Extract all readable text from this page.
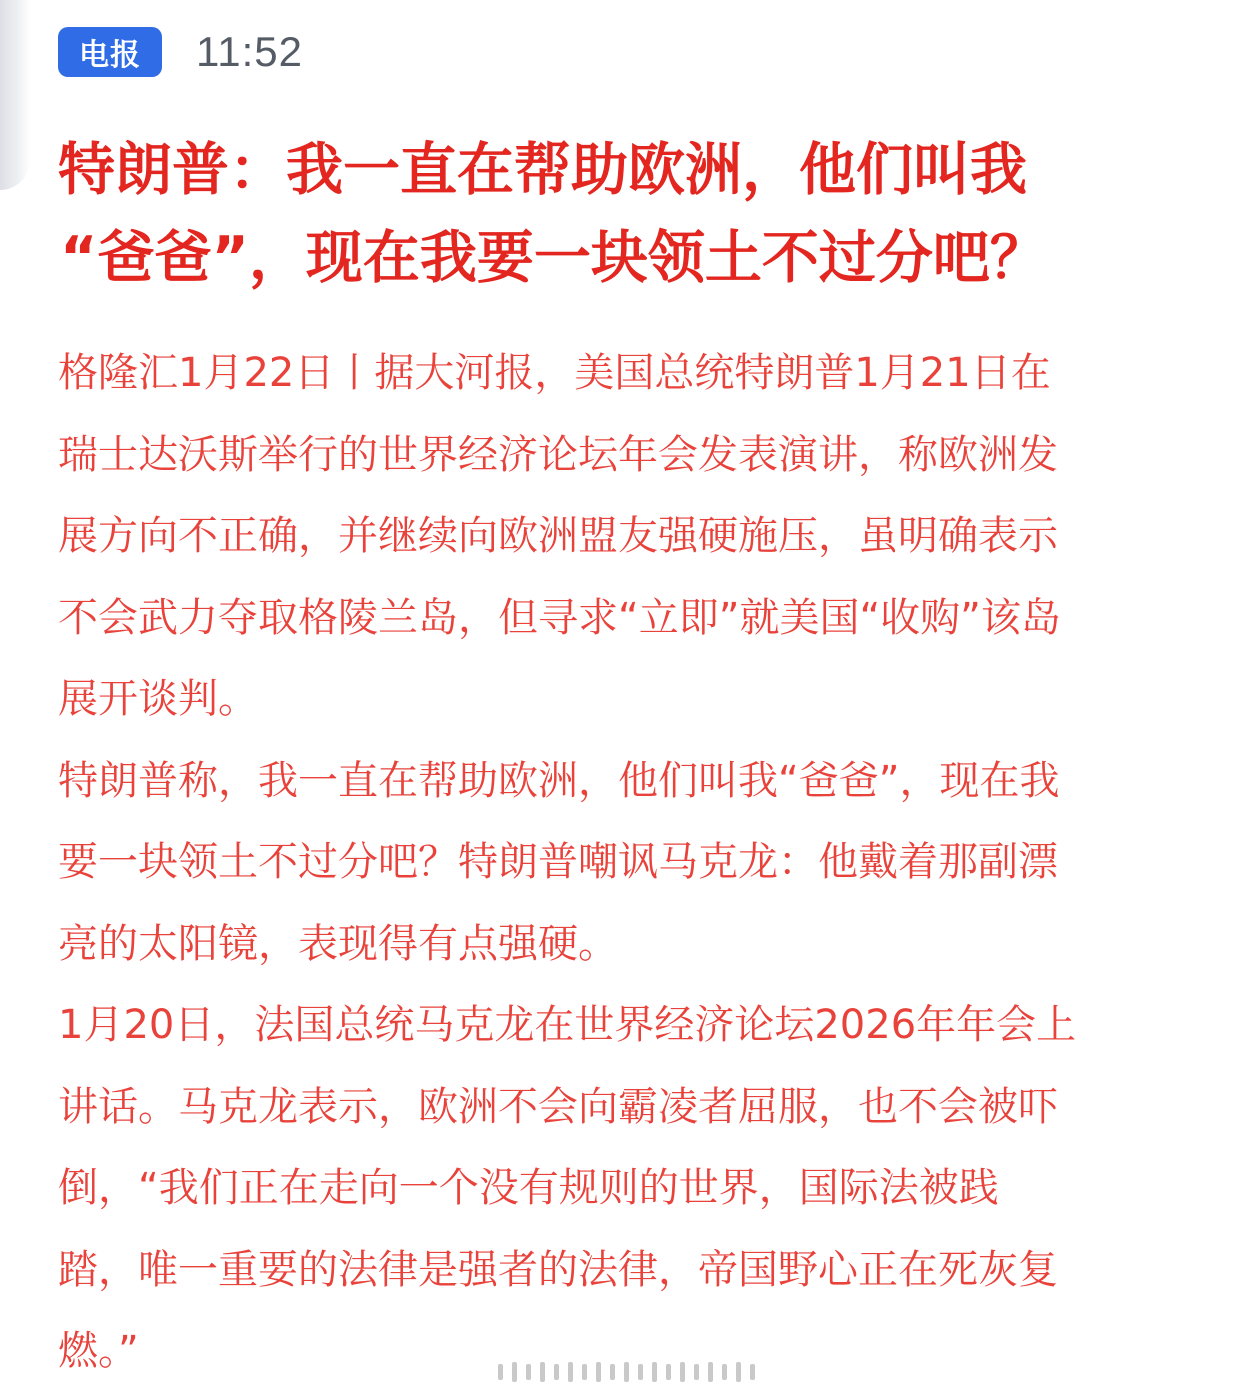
电报	11:52
特朗普：我一直在帮助欧洲，他们叫我
“爸爸”，现在我要一块领土不过分吧？
格隆汇1月22日丨据大河报，美国总统特朗普1月21日在
瑞士达沃斯举行的世界经济论坛年会发表演讲，称欧洲发
展方向不正确，并继续向欧洲盟友强硬施压，虽明确表示
不会武力夺取格陵兰岛，但寻求“立即”就美国“收购”该岛
展开谈判。
特朗普称，我一直在帮助欧洲，他们叫我“爸爸”，现在我
要一块领土不过分吧？特朗普嘲讽马克龙：他戴着那副漂
亮的太阳镜，表现得有点强硬。
1月20日，法国总统马克龙在世界经济论坛2026年年会上
讲话。马克龙表示，欧洲不会向霸凌者屈服，也不会被吓
倒，“我们正在走向一个没有规则的世界，国际法被践
踏，唯一重要的法律是强者的法律，帝国野心正在死灰复
燃。”
